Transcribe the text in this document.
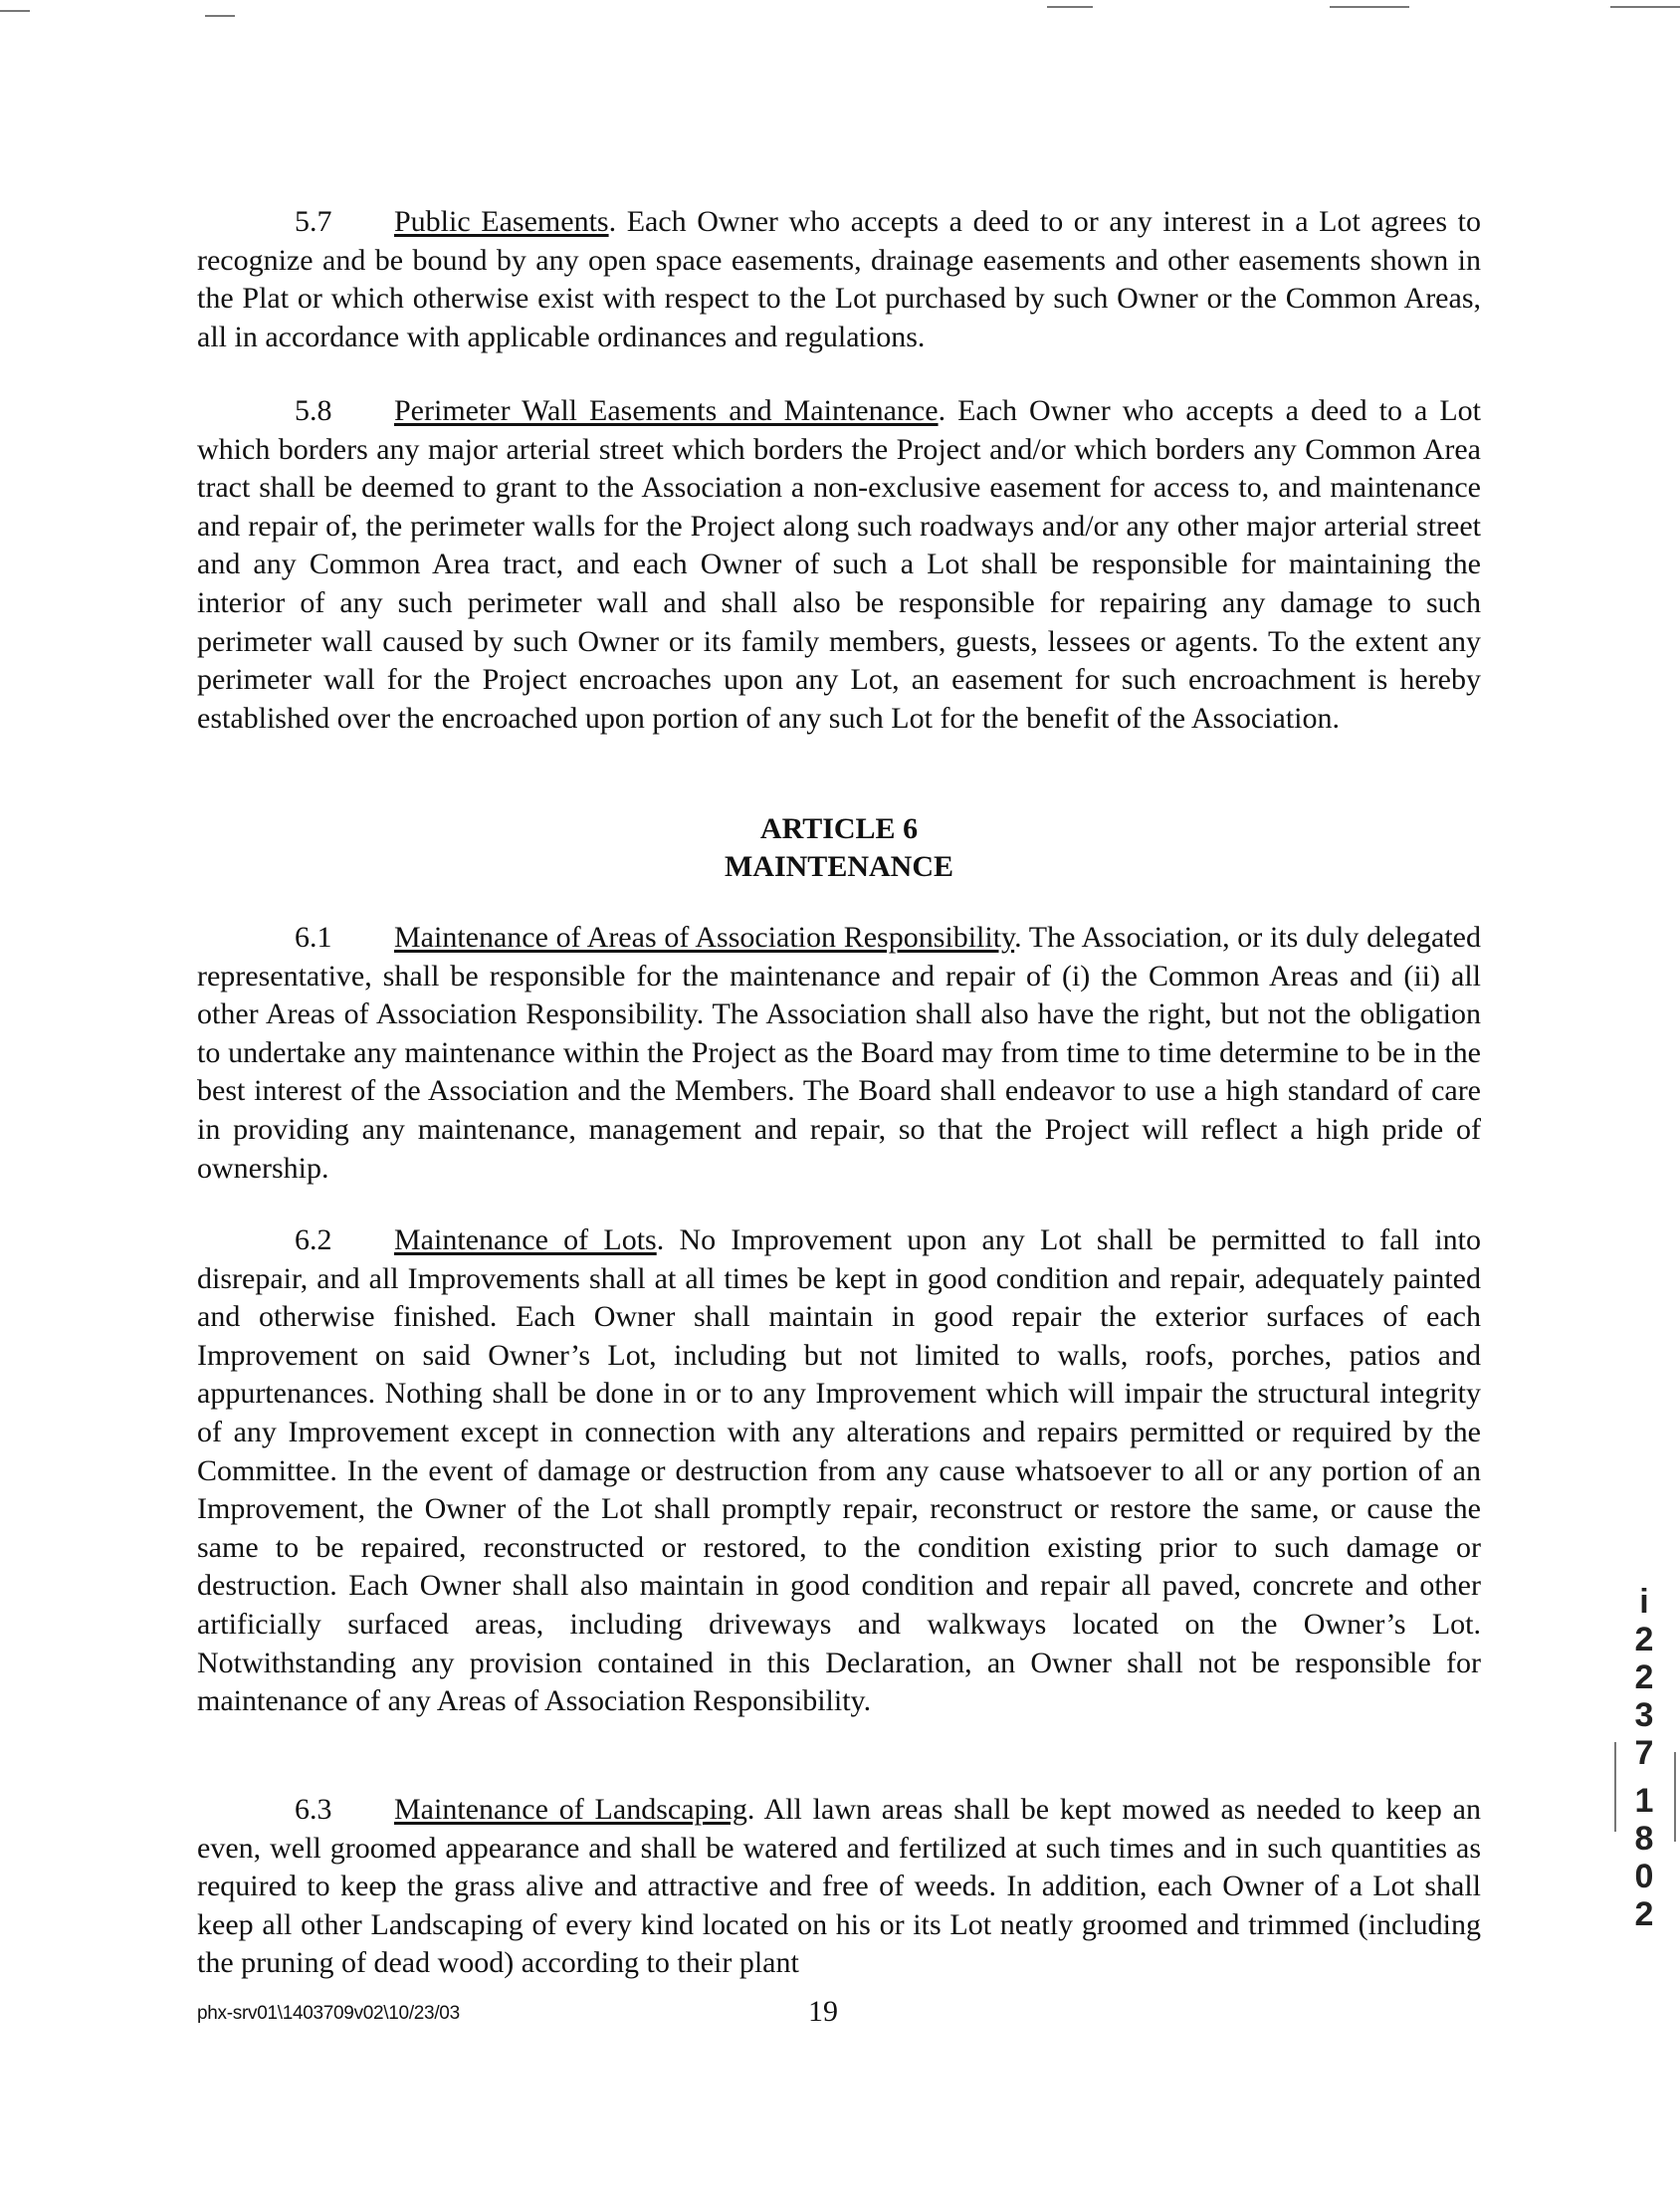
5.7 Public Easements. Each Owner who accepts a deed to or any interest in a Lot agrees to recognize and be bound by any open space easements, drainage easements and other easements shown in the Plat or which otherwise exist with respect to the Lot purchased by such Owner or the Common Areas, all in accordance with applicable ordinances and regulations.

5.8 Perimeter Wall Easements and Maintenance. Each Owner who accepts a deed to a Lot which borders any major arterial street which borders the Project and/or which borders any Common Area tract shall be deemed to grant to the Association a non-exclusive easement for access to, and maintenance and repair of, the perimeter walls for the Project along such roadways and/or any other major arterial street and any Common Area tract, and each Owner of such a Lot shall be responsible for maintaining the interior of any such perimeter wall and shall also be responsible for repairing any damage to such perimeter wall caused by such Owner or its family members, guests, lessees or agents. To the extent any perimeter wall for the Project encroaches upon any Lot, an easement for such encroachment is hereby established over the encroached upon portion of any such Lot for the benefit of the Association.

ARTICLE 6
MAINTENANCE

6.1 Maintenance of Areas of Association Responsibility. The Association, or its duly delegated representative, shall be responsible for the maintenance and repair of (i) the Common Areas and (ii) all other Areas of Association Responsibility. The Association shall also have the right, but not the obligation to undertake any maintenance within the Project as the Board may from time to time determine to be in the best interest of the Association and the Members. The Board shall endeavor to use a high standard of care in providing any maintenance, management and repair, so that the Project will reflect a high pride of ownership.

6.2 Maintenance of Lots. No Improvement upon any Lot shall be permitted to fall into disrepair, and all Improvements shall at all times be kept in good condition and repair, adequately painted and otherwise finished. Each Owner shall maintain in good repair the exterior surfaces of each Improvement on said Owner’s Lot, including but not limited to walls, roofs, porches, patios and appurtenances. Nothing shall be done in or to any Improvement which will impair the structural integrity of any Improvement except in connection with any alterations and repairs permitted or required by the Committee. In the event of damage or destruction from any cause whatsoever to all or any portion of an Improvement, the Owner of the Lot shall promptly repair, reconstruct or restore the same, or cause the same to be repaired, reconstructed or restored, to the condition existing prior to such damage or destruction. Each Owner shall also maintain in good condition and repair all paved, concrete and other artificially surfaced areas, including driveways and walkways located on the Owner’s Lot. Notwithstanding any provision contained in this Declaration, an Owner shall not be responsible for maintenance of any Areas of Association Responsibility.

6.3 Maintenance of Landscaping. All lawn areas shall be kept mowed as needed to keep an even, well groomed appearance and shall be watered and fertilized at such times and in such quantities as required to keep the grass alive and attractive and free of weeds. In addition, each Owner of a Lot shall keep all other Landscaping of every kind located on his or its Lot neatly groomed and trimmed (including the pruning of dead wood) according to their plant

phx-srv01\1403709v02\10/23/03	19
i
2
2
3
7
1
8
0
2
